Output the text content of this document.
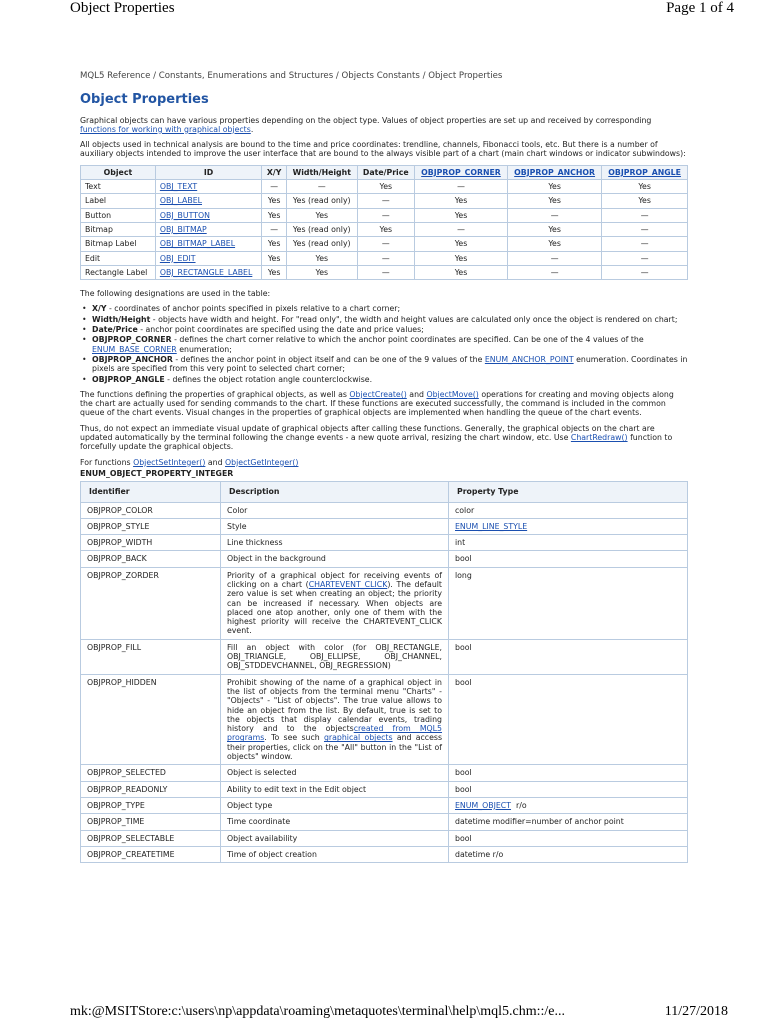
Object Properties	Page 1 of 4
MQL5 Reference / Constants, Enumerations and Structures / Objects Constants / Object Properties
Object Properties

Graphical objects can have various properties depending on the object type. Values of object properties are set up and received by corresponding functions for working with graphical objects.

All objects used in technical analysis are bound to the time and price coordinates: trendline, channels, Fibonacci tools, etc. But there is a number of auxiliary objects intended to improve the user interface that are bound to the always visible part of a chart (main chart windows or indicator subwindows):

Object	ID	X/Y	Width/Height	Date/Price	OBJPROP_CORNER	OBJPROP_ANCHOR	OBJPROP_ANGLE
Text	OBJ_TEXT	—	—	Yes	—	Yes	Yes
Label	OBJ_LABEL	Yes	Yes (read only)	—	Yes	Yes	Yes
Button	OBJ_BUTTON	Yes	Yes	—	Yes	—	—
Bitmap	OBJ_BITMAP	—	Yes (read only)	Yes	—	Yes	—
Bitmap Label	OBJ_BITMAP_LABEL	Yes	Yes (read only)	—	Yes	Yes	—
Edit	OBJ_EDIT	Yes	Yes	—	Yes	—	—
Rectangle Label	OBJ_RECTANGLE_LABEL	Yes	Yes	—	Yes	—	—

The following designations are used in the table:

• X/Y - coordinates of anchor points specified in pixels relative to a chart corner;
• Width/Height - objects have width and height. For "read only", the width and height values are calculated only once the object is rendered on chart;
• Date/Price - anchor point coordinates are specified using the date and price values;
• OBJPROP_CORNER - defines the chart corner relative to which the anchor point coordinates are specified. Can be one of the 4 values of the ENUM_BASE_CORNER enumeration;
• OBJPROP_ANCHOR - defines the anchor point in object itself and can be one of the 9 values of the ENUM_ANCHOR_POINT enumeration. Coordinates in pixels are specified from this very point to selected chart corner;
• OBJPROP_ANGLE - defines the object rotation angle counterclockwise.

The functions defining the properties of graphical objects, as well as ObjectCreate() and ObjectMove() operations for creating and moving objects along the chart are actually used for sending commands to the chart. If these functions are executed successfully, the command is included in the common queue of the chart events. Visual changes in the properties of graphical objects are implemented when handling the queue of the chart events.

Thus, do not expect an immediate visual update of graphical objects after calling these functions. Generally, the graphical objects on the chart are updated automatically by the terminal following the change events - a new quote arrival, resizing the chart window, etc. Use ChartRedraw() function to forcefully update the graphical objects.

For functions ObjectSetInteger() and ObjectGetInteger()

ENUM_OBJECT_PROPERTY_INTEGER
Identifier	Description	Property Type
OBJPROP_COLOR	Color	color
OBJPROP_STYLE	Style	ENUM_LINE_STYLE
OBJPROP_WIDTH	Line thickness	int
OBJPROP_BACK	Object in the background	bool
OBJPROP_ZORDER	Priority of a graphical object for receiving events of clicking on a chart (CHARTEVENT_CLICK). The default zero value is set when creating an object; the priority can be increased if necessary. When objects are placed one atop another, only one of them with the highest priority will receive the CHARTEVENT_CLICK event.	long
OBJPROP_FILL	Fill an object with color (for OBJ_RECTANGLE, OBJ_TRIANGLE, OBJ_ELLIPSE, OBJ_CHANNEL, OBJ_STDDEVCHANNEL, OBJ_REGRESSION)	bool
OBJPROP_HIDDEN	Prohibit showing of the name of a graphical object in the list of objects from the terminal menu "Charts" - "Objects" - "List of objects". The true value allows to hide an object from the list. By default, true is set to the objects that display calendar events, trading history and to the objectscreated from MQL5 programs. To see such graphical objects and access their properties, click on the "All" button in the "List of objects" window.	bool
OBJPROP_SELECTED	Object is selected	bool
OBJPROP_READONLY	Ability to edit text in the Edit object	bool
OBJPROP_TYPE	Object type	ENUM_OBJECT r/o
OBJPROP_TIME	Time coordinate	datetime modifier=number of anchor point
OBJPROP_SELECTABLE	Object availability	bool
OBJPROP_CREATETIME	Time of object creation	datetime r/o
mk:@MSITStore:c:\users\np\appdata\roaming\metaquotes\terminal\help\mql5.chm::/e...	11/27/2018
